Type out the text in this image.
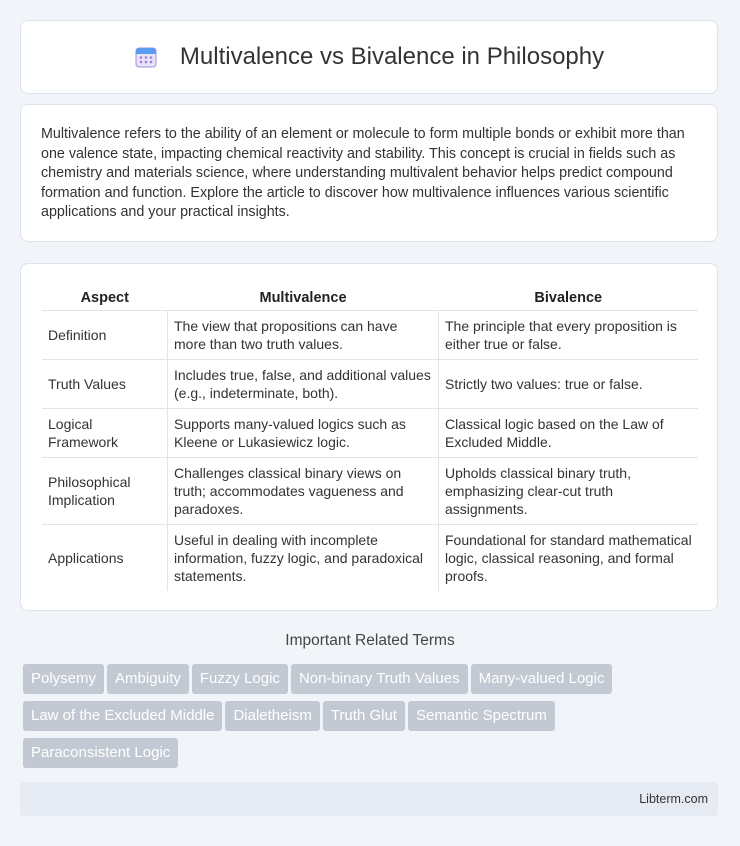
Multivalence vs Bivalence in Philosophy
Multivalence refers to the ability of an element or molecule to form multiple bonds or exhibit more than one valence state, impacting chemical reactivity and stability. This concept is crucial in fields such as chemistry and materials science, where understanding multivalent behavior helps predict compound formation and function. Explore the article to discover how multivalence influences various scientific applications and your practical insights.
Aspect	Multivalence	Bivalence
Definition	The view that propositions can have more than two truth values.	The principle that every proposition is either true or false.
Truth Values	Includes true, false, and additional values (e.g., indeterminate, both).	Strictly two values: true or false.
Logical Framework	Supports many-valued logics such as Kleene or Lukasiewicz logic.	Classical logic based on the Law of Excluded Middle.
Philosophical Implication	Challenges classical binary views on truth; accommodates vagueness and paradoxes.	Upholds classical binary truth, emphasizing clear-cut truth assignments.
Applications	Useful in dealing with incomplete information, fuzzy logic, and paradoxical statements.	Foundational for standard mathematical logic, classical reasoning, and formal proofs.
Important Related Terms
Polysemy Ambiguity Fuzzy Logic Non-binary Truth Values Many-valued Logic
Law of the Excluded Middle Dialetheism Truth Glut Semantic Spectrum
Paraconsistent Logic
Libterm.com
